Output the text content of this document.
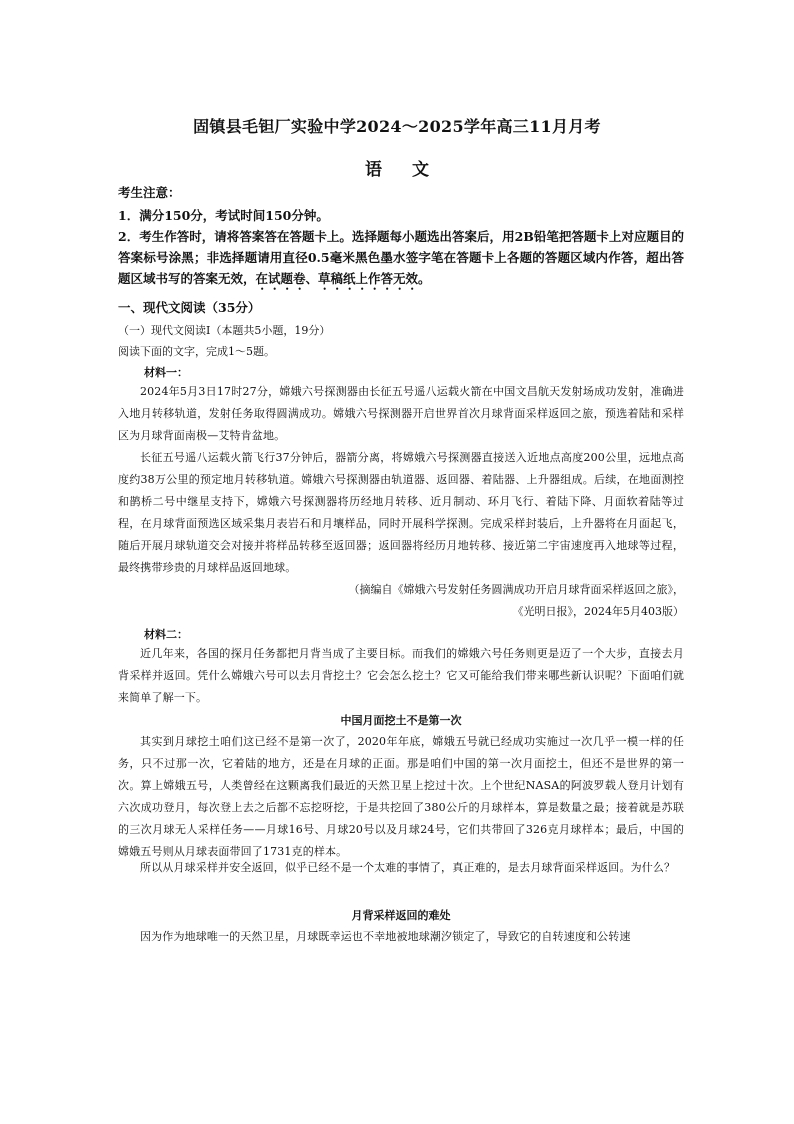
固镇县毛钽厂实验中学2024～2025学年高三11月月考
语文
考生注意：
1．满分150分，考试时间150分钟。
2．考生作答时，请将答案答在答题卡上。选择题每小题选出答案后，用2B铅笔把答题卡上对应题目的答案标号涂黑；非选择题请用直径0.5毫米黑色墨水签字笔在答题卡上各题的答题区域内作答，超出答题区域书写的答案无效，在试题卷、草稿纸上作答无效。
一、现代文阅读（35分）
（一）现代文阅读Ⅰ（本题共5小题，19分）
阅读下面的文字，完成1～5题。
材料一：
2024年5月3日17时27分，嫦娥六号探测器由长征五号遥八运载火箭在中国文昌航天发射场成功发射，准确进入地月转移轨道，发射任务取得圆满成功。嫦娥六号探测器开启世界首次月球背面采样返回之旅，预选着陆和采样区为月球背面南极—艾特肯盆地。
长征五号遥八运载火箭飞行37分钟后，器箭分离，将嫦娥六号探测器直接送入近地点高度200公里，远地点高度约38万公里的预定地月转移轨道。嫦娥六号探测器由轨道器、返回器、着陆器、上升器组成。后续，在地面测控和鹊桥二号中继星支持下，嫦娥六号探测器将历经地月转移、近月制动、环月飞行、着陆下降、月面软着陆等过程，在月球背面预选区域采集月表岩石和月壤样品，同时开展科学探测。完成采样封装后，上升器将在月面起飞，随后开展月球轨道交会对接并将样品转移至返回器；返回器将经历月地转移、接近第二宇宙速度再入地球等过程，最终携带珍贵的月球样品返回地球。
（摘编自《嫦娥六号发射任务圆满成功开启月球背面采样返回之旅》，
《光明日报》，2024年5月403版）
材料二：
近几年来，各国的探月任务都把月背当成了主要目标。而我们的嫦娥六号任务则更是迈了一个大步，直接去月背采样并返回。凭什么嫦娥六号可以去月背挖土？它会怎么挖土？它又可能给我们带来哪些新认识呢？下面咱们就来简单了解一下。
中国月面挖土不是第一次
其实到月球挖土咱们这已经不是第一次了，2020年年底，嫦娥五号就已经成功实施过一次几乎一模一样的任务，只不过那一次，它着陆的地方，还是在月球的正面。那是咱们中国的第一次月面挖土，但还不是世界的第一次。算上嫦娥五号，人类曾经在这颗离我们最近的天然卫星上挖过十次。上个世纪NASA的阿波罗载人登月计划有六次成功登月，每次登上去之后都不忘挖呀挖，于是共挖回了380公斤的月球样本，算是数量之最；接着就是苏联的三次月球无人采样任务——月球16号、月球20号以及月球24号，它们共带回了326克月球样本；最后，中国的嫦娥五号则从月球表面带回了1731克的样本。
所以从月球采样并安全返回，似乎已经不是一个太难的事情了，真正难的，是去月球背面采样返回。为什么？
月背采样返回的难处
因为作为地球唯一的天然卫星，月球既幸运也不幸地被地球潮汐锁定了，导致它的自转速度和公转速
